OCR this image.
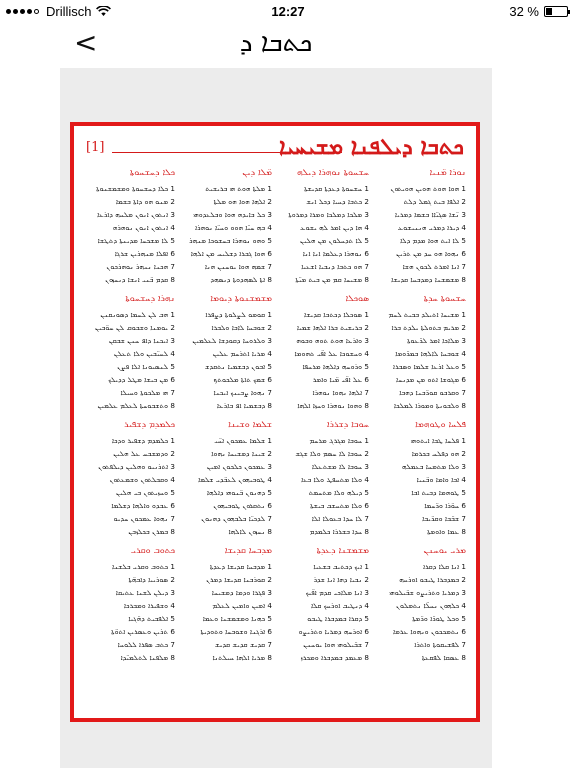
Drillisch	12:27	32 %
<	ܟܬܒܐ ܕ
[1]	ܟܬܒܐ ܕܝܠܦܢܐ ܡܫܝܚܝܐ
ܢܘܪܐ ܡ̈ܢܝܐ
1 ܗܘܐ ܗܘܬ ܗܘܝܢ ܗܘܝܬܘܢ
2 ܐܠܦܐ ܒܝܬ ܓܡܠ ܕܠܬ
3 ܢ̈ܫܐ ܣܓܝ̈ܐܐ ܒܫܡܐ ܕܡܪܝܐ
4 ܕܝܪܐ ܕܡܪܝ ܗܢܢܝܫܘܥ
5 ܠܐ ܐܝܬ ܗܘܐ ܡܕܡ ܕܠܐ
6 ܢܗܘܐ ܗܘ ܚܕ ܡܢ ܬܪܝܢ
7 ܐܢܐ ܐܡܪܬ ܠܟܘܢ ܗܫܐ
8 ܡܫܡܫܢܐ ܕܡܕܒܚܐ ܩܕܝܫܐ
ܚܫܚܘܬܐ ܢܘܗܪܐ ܕܝܠܗ
1 ܚܫܚܘܬܐ ܕܥܕܬܐ ܩܕܝܫܬܐ
2 ܟܬܒܐ ܕܚܝܐ ܕܟܠ ܐܢܫ
3 ܡܠܟܐ ܕܡܠܟܐ ܘܡܪܐ ܕܡܪܘܬܐ
4 ܗܐ ܕܝܢ ܐܡܪ ܠܗ ܝܫܘܥ
5 ܠܐ ܬܕܚܠܘܢ ܡܢ ܗܠܝܢ
6 ܢܘܗܪܐ ܕܥܠܡܐ ܐܢܐ ܐܢܐ
7 ܗܘ ܟܬܒܐ ܕܢܒܝܐ ܐܫܥܝܐ
8 ܡܫܝܚܐ ܩܡ ܡܢ ܒܝܬ ܡܝ̈ܬܐ
ܡ̈ܠܐ ܕܝܢ
1 ܡܠܬܐ ܗܘܬ ܗܝ ܒܪܝܫܝܬ
2 ܐܠܗܐ ܗܘܐ ܗܘ ܡܠܬܐ
3 ܟܠ ܒܐܝܕܗ ܗܘܐ ܘܒܠܥܕܘܗܝ
4 ܒܗ ܚܝ̈ܐ ܗܘܘ ܘܚܝ̈ܐ ܢܘܗܪܐ
5 ܘܗܘ ܢܘܗܪܐ ܒܚܫܘܟܐ ܡܢܗܪ
6 ܗܘܐ ܓܒܪܐ ܕܫܠܝܚ ܡܢ ܐܠܗܐ
7 ܫܡܗ ܗܘܐ ܝܘܚܢܢ ܗܢܐ
8 ܐܬܐ ܠܣܗܕܘܬܐ ܕܢܣܗܕ
ܟܠܐ ܕܚܫܚܘܬܐ
1 ܟܠܐ ܕܚܫܚܘܬܐ ܘܡܫܡܫܢܘܬܐ
2 ܡܢܘ ܗܘ ܕܐܬܐ ܒܫܡܐ
3 ܐܢܬܘܢ ܐܢܘܢ ܡܠܚܗ ܕܐܪܥܐ
4 ܐܢܬܘܢ ܐܢܘܢ ܢܘܗܪܗ
5 ܠܐ ܡܫܟܚܐ ܡܕܝܢܬܐ ܕܬܛܫܐ
6 ܐܦܠܐ ܡܢܗܪܝܢ ܫܪܓܐ
7 ܗܟܢܐ ܢܢܗܪ ܢܘܗܪܟܘܢ
8 ܩܕܡ ܒ̈ܢܝ ܐܢܫܐ ܕܢܚܙܘܢ
ܚܫܚܘܬܐ ܚܕܬܐ
1 ܡܫܝܚܐ ܐܬܝܠܕ ܒܒܝܬ ܠܚܡ
2 ܡܪܝܡ ܒܬܘܠܬܐ ܝܠܕܬ ܒܪܐ
3 ܡܠܐܟܐ ܐܡܪ ܠܪ̈ܥܘܬܐ
4 ܫܘܒܚܐ ܠܐܠܗܐ ܒܡܪ̈ܘܡܐ
5 ܘܥܠ ܐܪܥܐ ܫܠܡܐ ܘܣܒܪܐ
6 ܡܓܘܫܐ ܐܬܘ ܡܢ ܡܕܢܚܐ
7 ܘܩܪܒܘ ܩܘܪ̈ܒܢܐ ܕܗܒܐ
8 ܘܠܒܘܢܬܐ ܘܡܘܪܐ ܠܡܠܟܐ
ܣܘܟܠܐ
1 ܣܘܟܠܐ ܕܟܬܒܐ ܩܕܝܫܐ
2 ܒܪܝܫܝܬ ܒܪܐ ܐܠܗܐ ܫܡܝܐ
3 ܘܐܪܥܐ ܗܘܬ ܬܘܗ ܘܒܘܗ
4 ܘܚܫܘܟܐ ܥܠ ܐܦ̈ܝ ܬܗܘܡܐ
5 ܘܪܘܚܗ ܕܐܠܗܐ ܡܪܚܦܐ
6 ܥܠ ܐܦ̈ܝ ܡ̈ܝܐ ܘܐܡܪ
7 ܐܠܗܐ ܢܗܘܐ ܢܘܗܪܐ
8 ܘܗܘܐ ܢܘܗܪܐ ܘܚܙܐ ܐܠܗܐ
ܡܫܡܫܢܘܬܐ ܕܝܘܡܐ
1 ܩܘܡܘ ܠܨܠܘܬܐ ܕܨܦܪܐ
2 ܫܘܒܚܐ ܠܐܒܐ ܘܠܒܪܐ
3 ܘܠܪܘܚܐ ܕܩܘܕܫܐ ܠܥܠܡܝܢ
4 ܡܪܝܐ ܐܬܪܚܡ ܥܠܝܢ
5 ܐܒܘܢ ܕܒܫܡܝܐ ܢܬܩܕܫ
6 ܫܡܟ ܬܐܬܐ ܡܠܟܘܬܟ
7 ܢܗܘܐ ܨܒܝܢܟ ܐܝܟܢܐ
8 ܕܒܫܡܝܐ ܐܦ ܒܐܪܥܐ
ܢܗܪܐ ܕܚܫܚܘܬܐ
1 ܗܒ ܠܢ ܠܚܡܐ ܕܣܘܢܩܢܢ
2 ܝܘܡܢܐ ܘܫܒܘܩ ܠܢ ܚܘ̈ܒܝܢ
3 ܐܝܟܢܐ ܕܐܦ ܚܢܢ ܫܒܩܢ
4 ܠܚܝ̈ܒܝܢ ܘܠܐ ܬܥܠܢ
5 ܠܢܣܝܘܢܐ ܐܠܐ ܦܨܢ
6 ܡܢ ܒܝܫܐ ܡܛܠ ܕܕܝܠܟ
7 ܗܝ ܡܠܟܘܬܐ ܘܚܝܠܐ
8 ܘܬܫܒܘܚܬܐ ܠܥܠܡ ܥܠܡܝܢ
ܦܠܚܐ ܘܛܘܗܡܐ
1 ܦܠܚܐ ܛܒܐ ܐܝܬܘܗܝ
2 ܗܘ ܕܦܠܚ ܒܟܪܡܐ
3 ܘܠܐ ܡܬܡܚܐ ܒܥܡܠܗ
4 ܐܒܐ ܘܐܡܐ ܘܒ̈ܢܝܐ
5 ܛܘܗܡܐ ܕܒܝܬ ܐܒܐ
6 ܚܘ̈ܪܐ ܘܪ̈ܚܡܐ
7 ܫܒ̈ܒܐ ܘܩܪ̈ܝܒܐ
8 ܥܡܐ ܘܐܘܡܬܐ
ܚܘܒܐ ܕܫܪܪܐ
1 ܚܘܒܐ ܡܓܪܓ ܡܪܚܡ
2 ܚܘܒܐ ܠܐ ܚܣܡ ܘܠܐ ܫܓܫ
3 ܚܘܒܐ ܠܐ ܡܫܬܥܠܐ
4 ܘܠܐ ܡܬܚܦܛ ܘܠܐ ܒܥܐ
5 ܕܝܠܗ ܘܠܐ ܡܬܚܡܬ
6 ܘܠܐ ܡܬܚܫܒ ܒܝܫܬܐ
7 ܠܐ ܚܕܐ ܒܥܘܠܐ ܐܠܐ
8 ܚܕܐ ܒܫܪܪܐ ܟܠܡܕܡ
ܫܠܡܐ ܘܫܝܢܐ
1 ܫܠܡܐ ܥܡܟܘܢ ܐܚ̈ܝ
2 ܫܝܢܐ ܕܡܫܝܚܐ ܢܗܘܐ
3 ܥܡܟܘܢ ܟܠܟܘܢ ܐܡܝܢ
4 ܛܘܒܝܗܘܢ ܠܥܒ̈ܕܝ ܫܠܡܐ
5 ܕܗܢܘܢ ܒ̈ܢܘܗܝ ܕܐܠܗܐ
6 ܢܬܩܪܘܢ ܛܘܒܝܗܘܢ
7 ܠܕܟܝ̈ܐ ܒܠܒܗܘܢ ܕܗܢܘܢ
8 ܢܚܙܘܢ ܠܐܠܗܐ
ܟܠܡܕܡ ܕܫܦܝܪ
1 ܟܠܡܕܡ ܕܫܦܝܪ ܘܕܟܐ
2 ܘܕܡܫܒܚ ܥܠ ܗܠܝܢ
3 ܐܬܪܢܝܘ ܘܗܠܝܢ ܕܝܠܦܬܘܢ
4 ܘܩܒܠܬܘܢ ܘܫܡܥܬܘܢ
5 ܘܚܙܝܬܘܢ ܒܝ ܗܠܝܢ
6 ܥܒܕܘ ܘܐܠܗܐ ܕܫܠܡܐ
7 ܢܗܘܐ ܥܡܟܘܢ ܚܕܝܘ
8 ܒܡܪܢ ܒܟܠܙܒܢ
ܡܪܝ ܝܘܚܢܢ
1 ܐܢܐ ܩܠܐ ܕܩܪܐ
2 ܒܡܕܒܪܐ ܛܝܒܘ ܐܘܪܚܗ
3 ܕܡܪܝܐ ܘܬܪܝܨܘ ܫܒ̈ܝܠܘܗܝ
4 ܟܠܗܘܢ ܢܚܠ̈ܐ ܢܬܡܠܘܢ
5 ܘܟܠ ܛܘܪ̈ܐ ܘܪ̈ܡܬܐ
6 ܢܬܡܟܟܘܢ ܘܢܗܘܐ ܥܪܡܐ
7 ܠܦܫܝܩܘܬܐ ܘܐܬܪܐ
8 ܥܣܩܐ ܠܦܩܥܬܐ
ܡܫܡܫܢܐ ܕܥܕܬܐ
1 ܐܝܟ ܕܟܬܝܒ ܒܫܥܝܐ
2 ܢܒܝܐ ܕܗܐ ܐܢܐ ܫܕܪ
3 ܐܢܐ ܡܠܐܟܝ ܩܕܡ ܐܦ̈ܝܟ
4 ܕܢܛܝܒ ܐܘܪܚܟ ܩܠܐ
5 ܕܩܪܐ ܒܡܕܒܪܐ ܛܝܒܘ
6 ܐܘܪܚܗ ܕܡܪܝܐ ܘܬܪܝܨܘ
7 ܫܒ̈ܝܠܘܗܝ ܗܘܐ ܝܘܚܢܢ
8 ܡܥܡܕ ܒܡܕܒܪܐ ܘܡܟܪܙ
ܡܕܒܚܐ ܩܕܝܫܐ
1 ܡܕܒܚܐ ܩܕܝܫܐ ܕܥܕܬܐ
2 ܩܘܪܒܢܐ ܩܕܝܫܐ ܕܡܪܢ
3 ܦܓܪܐ ܘܕܡܐ ܕܡܫܝܚܐ
4 ܐܡܝܢ ܘܐܡܝܢ ܠܥܠܡ
5 ܟܗܢܐ ܘܡܫܡܫܢܐ ܘܥܡܐ
6 ܐܪܓܢܐ ܘܫܘܒܚܐ ܘܬܘܕܝܬܐ
7 ܩܕܝܫ ܩܕܝܫ ܩܕܝܫ
8 ܡܪܝܐ ܐܠܗܐ ܚܝܠܬܢܐ
ܟܬܘܒ ܘܩܪܝ
1 ܟܬܘܒ ܘܩܪܝ ܒܠܫܢܐ
2 ܣܘܪܝܝܐ ܕܐܒܗ̈ܬܐ
3 ܕܝܠܢ ܠܫܢܐ ܥܬܝܩܐ
4 ܘܫܦܝܪܐ ܘܡܒܪܟܐ
5 ܐܠܦܒܝܬ ܕܗ̈ܓܝܐ
6 ܬܪܝܢ ܘܥܣܪܝܢ ܐܬܘ̈ܬܐ
7 ܟܬܒ ܣܦܪܐ ܠܠܘܚܐ
8 ܡܠܦܢܐ ܠܬܠܡܝ̈ܕܐ
